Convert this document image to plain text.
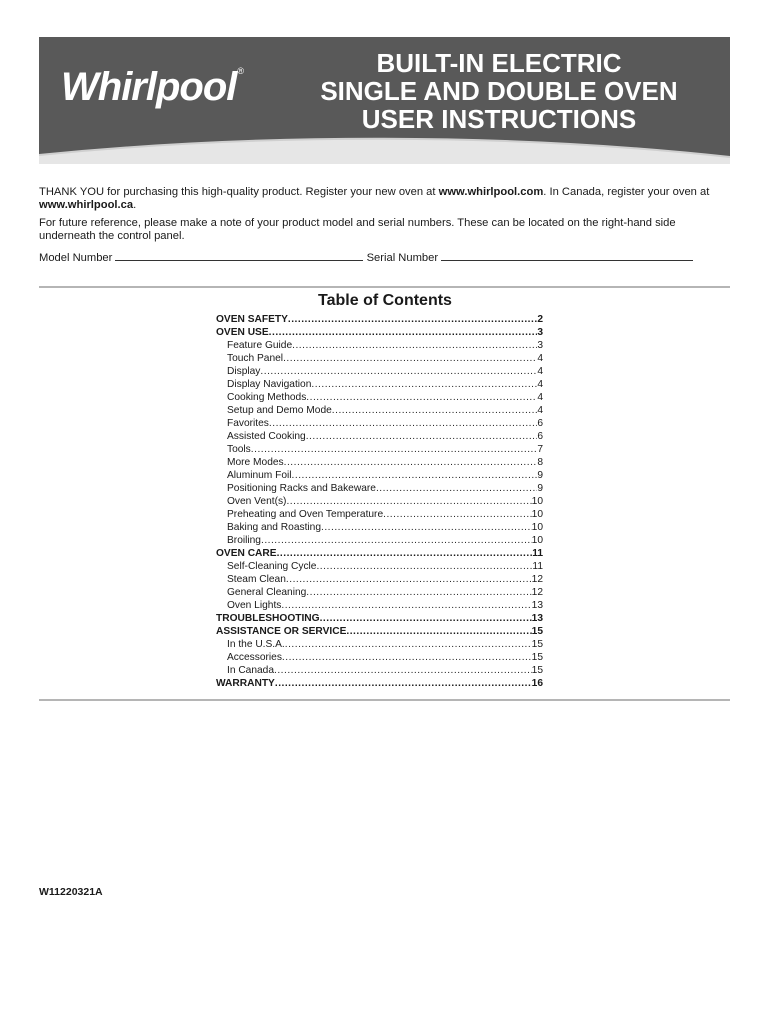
Whirlpool®	BUILT-IN ELECTRIC
SINGLE AND DOUBLE OVEN
USER INSTRUCTIONS

THANK YOU for purchasing this high-quality product. Register your new oven at www.whirlpool.com. In Canada, register your oven at www.whirlpool.ca.

For future reference, please make a note of your product model and serial numbers. These can be located on the right-hand side underneath the control panel.

Model Number	Serial Number
Table of Contents
OVEN SAFETY .....	2
OVEN USE .....	3
Feature Guide .....	3
Touch Panel .....	4
Display .....	4
Display Navigation .....	4
Cooking Methods .....	4
Setup and Demo Mode .....	4
Favorites .....	6
Assisted Cooking .....	6
Tools .....	7
More Modes .....	8
Aluminum Foil .....	9
Positioning Racks and Bakeware .....	9
Oven Vent(s) .....	10
Preheating and Oven Temperature .....	10
Baking and Roasting .....	10
Broiling .....	10
OVEN CARE .....	11
Self-Cleaning Cycle .....	11
Steam Clean .....	12
General Cleaning .....	12
Oven Lights .....	13
TROUBLESHOOTING .....	13
ASSISTANCE OR SERVICE .....	15
In the U.S.A. .....	15
Accessories .....	15
In Canada .....	15
WARRANTY .....	16
W11220321A
